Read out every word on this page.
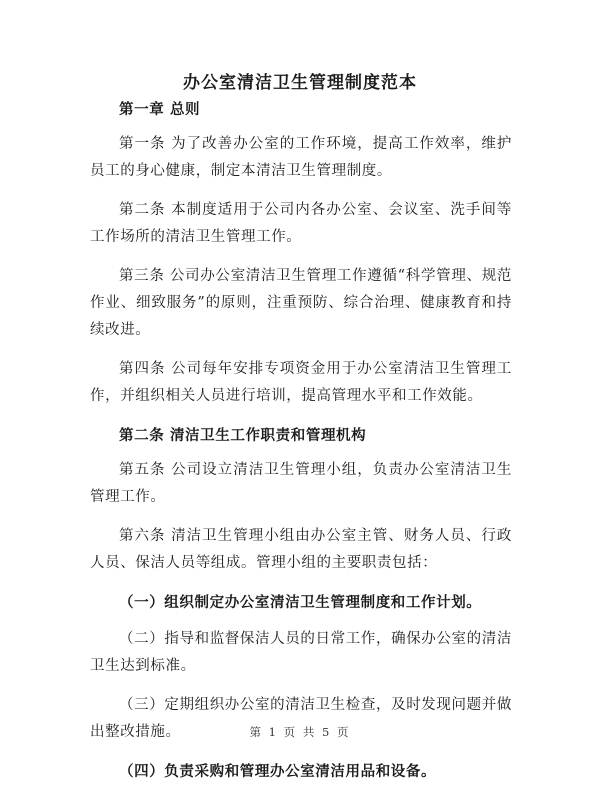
办公室清洁卫生管理制度范本

第一章 总则

第一条 为了改善办公室的工作环境，提高工作效率，维护员工的身心健康，制定本清洁卫生管理制度。

第二条 本制度适用于公司内各办公室、会议室、洗手间等工作场所的清洁卫生管理工作。

第三条 公司办公室清洁卫生管理工作遵循“科学管理、规范作业、细致服务”的原则，注重预防、综合治理、健康教育和持续改进。

第四条 公司每年安排专项资金用于办公室清洁卫生管理工作，并组织相关人员进行培训，提高管理水平和工作效能。

第二条 清洁卫生工作职责和管理机构

第五条 公司设立清洁卫生管理小组，负责办公室清洁卫生管理工作。

第六条 清洁卫生管理小组由办公室主管、财务人员、行政人员、保洁人员等组成。管理小组的主要职责包括：

（一）组织制定办公室清洁卫生管理制度和工作计划。

（二）指导和监督保洁人员的日常工作，确保办公室的清洁卫生达到标准。

（三）定期组织办公室的清洁卫生检查，及时发现问题并做出整改措施。

（四）负责采购和管理办公室清洁用品和设备。

第 1 页 共 5 页
